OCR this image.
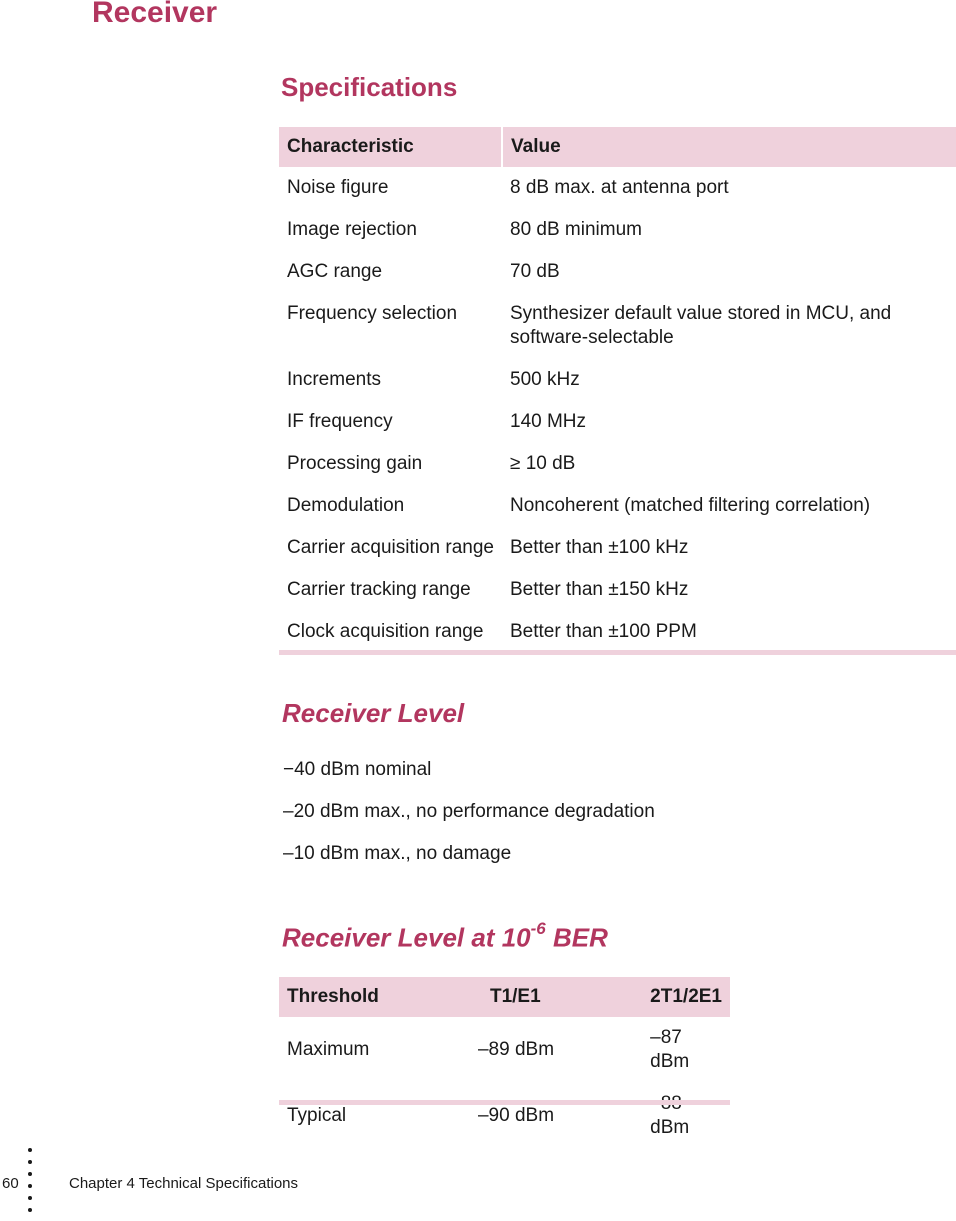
Receiver
Specifications
Characteristic	Value
Noise figure	8 dB max. at antenna port
Image rejection	80 dB minimum
AGC range	70 dB
Frequency selection	Synthesizer default value stored in MCU, and software-selectable
Increments	500 kHz
IF frequency	140 MHz
Processing gain	≥ 10 dB
Demodulation	Noncoherent (matched filtering correlation)
Carrier acquisition range	Better than ±100 kHz
Carrier tracking range	Better than ±150 kHz
Clock acquisition range	Better than ±100 PPM
Receiver Level

−40 dBm nominal

–20 dBm max., no performance degradation

–10 dBm max., no damage

Receiver Level at $10^{-6}$ BER
Threshold	T1/E1	2T1/2E1
Maximum	–89 dBm	–87 dBm
Typical	–90 dBm	dBm
60	Chapter 4 Technical Specifications
